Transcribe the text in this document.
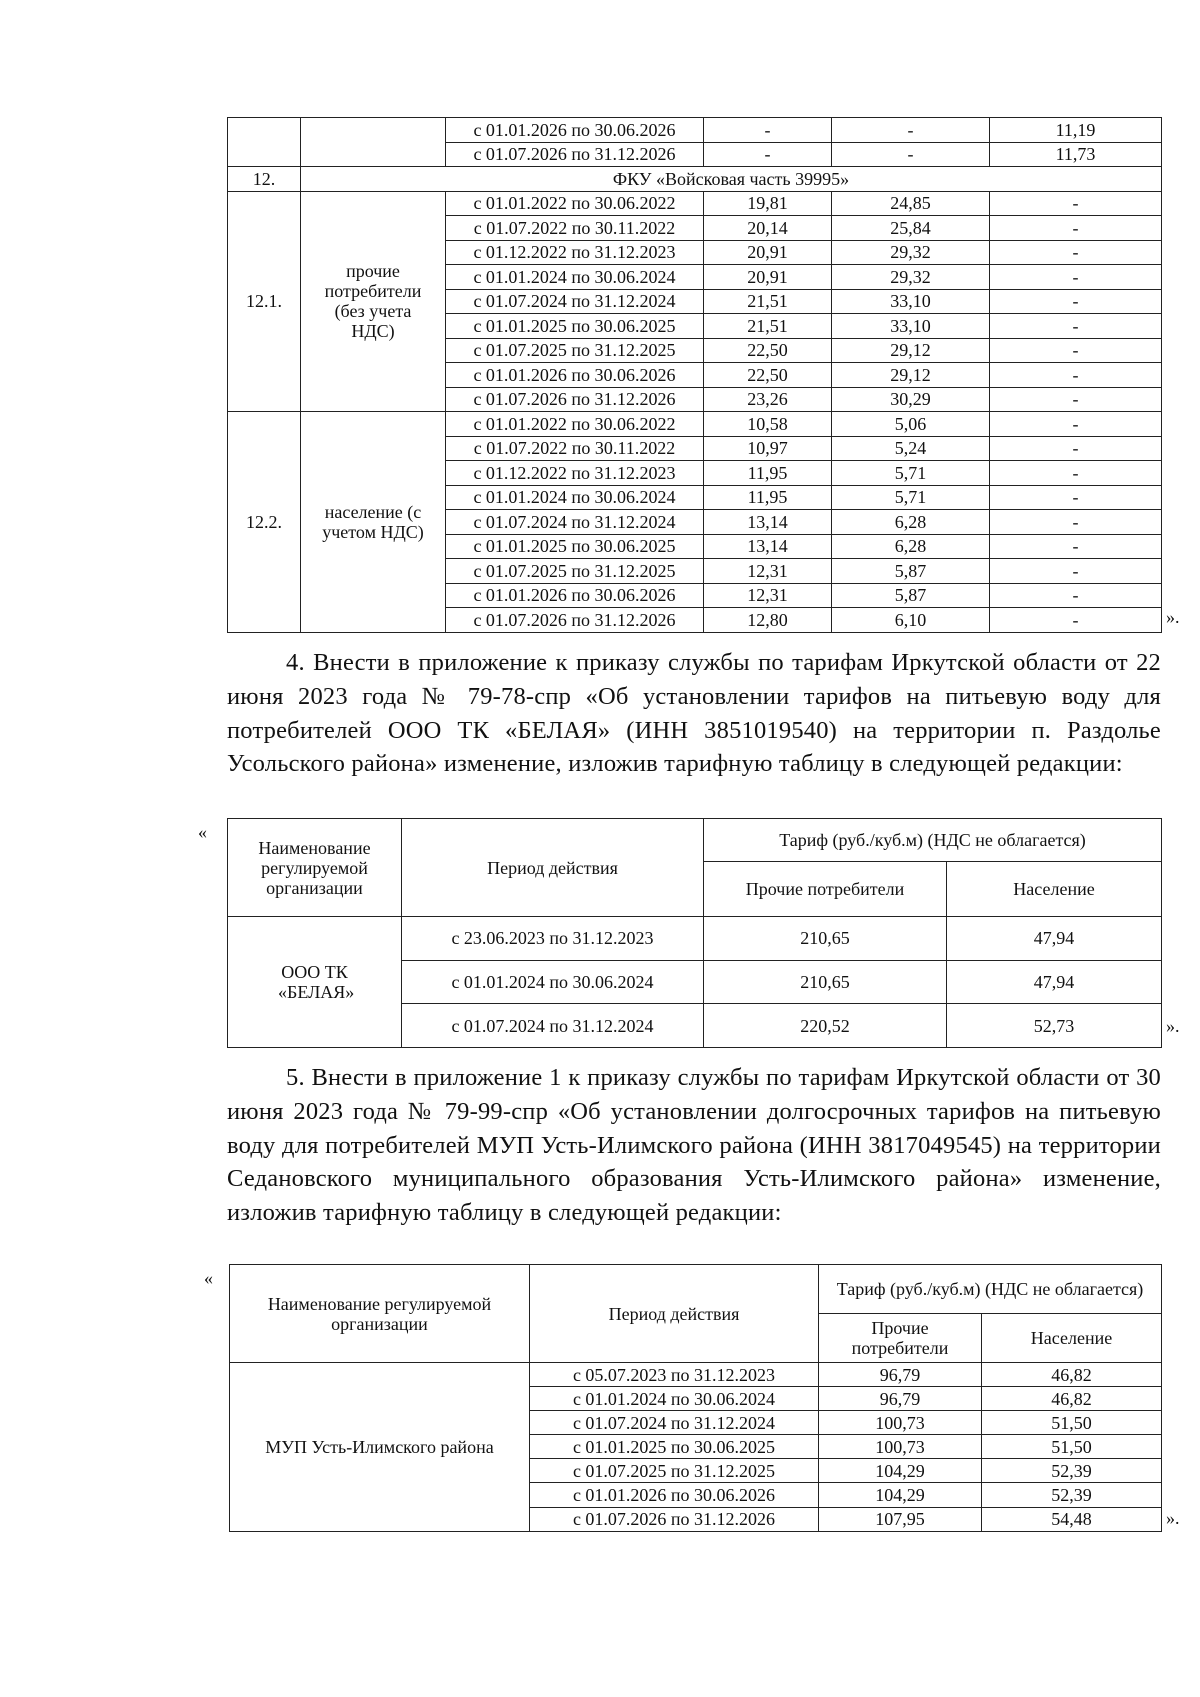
		с 01.01.2026 по 30.06.2026	-	-	11,19
		с 01.07.2026 по 31.12.2026	-	-	11,73
12.	ФКУ «Войсковая часть 39995»				
12.1.	прочие потребители (без учета НДС)	с 01.01.2022 по 30.06.2022	19,81	24,85	-
		с 01.07.2022 по 30.11.2022	20,14	25,84	-
		с 01.12.2022 по 31.12.2023	20,91	29,32	-
		с 01.01.2024 по 30.06.2024	20,91	29,32	-
		с 01.07.2024 по 31.12.2024	21,51	33,10	-
		с 01.01.2025 по 30.06.2025	21,51	33,10	-
		с 01.07.2025 по 31.12.2025	22,50	29,12	-
		с 01.01.2026 по 30.06.2026	22,50	29,12	-
		с 01.07.2026 по 31.12.2026	23,26	30,29	-
12.2.	население (с учетом НДС)	с 01.01.2022 по 30.06.2022	10,58	5,06	-
		с 01.07.2022 по 30.11.2022	10,97	5,24	-
		с 01.12.2022 по 31.12.2023	11,95	5,71	-
		с 01.01.2024 по 30.06.2024	11,95	5,71	-
		с 01.07.2024 по 31.12.2024	13,14	6,28	-
		с 01.01.2025 по 30.06.2025	13,14	6,28	-
		с 01.07.2025 по 31.12.2025	12,31	5,87	-
		с 01.01.2026 по 30.06.2026	12,31	5,87	-
		с 01.07.2026 по 31.12.2026	12,80	6,10	-	».
4. Внести в приложение к приказу службы по тарифам Иркутской области от 22 июня 2023 года № 79-78-спр «Об установлении тарифов на питьевую воду для потребителей ООО ТК «БЕЛАЯ» (ИНН 3851019540) на территории п. Раздолье Усольского района» изменение, изложив тарифную таблицу в следующей редакции:
«
Наименование регулируемой организации	Период действия	Тариф (руб./куб.м) (НДС не облагается)	
		Прочие потребители	Население
ООО ТК «БЕЛАЯ»	с 23.06.2023 по 31.12.2023	210,65	47,94
	с 01.01.2024 по 30.06.2024	210,65	47,94
	с 01.07.2024 по 31.12.2024	220,52	52,73	».
5. Внести в приложение 1 к приказу службы по тарифам Иркутской области от 30 июня 2023 года № 79-99-спр «Об установлении долгосрочных тарифов на питьевую воду для потребителей МУП Усть-Илимского района (ИНН 3817049545) на территории Седановского муниципального образования Усть-Илимского района» изменение, изложив тарифную таблицу в следующей редакции:
«
Наименование регулируемой организации	Период действия	Тариф (руб./куб.м) (НДС не облагается)	
		Прочие потребители	Население
МУП Усть-Илимского района	с 05.07.2023 по 31.12.2023	96,79	46,82
	с 01.01.2024 по 30.06.2024	96,79	46,82
	с 01.07.2024 по 31.12.2024	100,73	51,50
	с 01.01.2025 по 30.06.2025	100,73	51,50
	с 01.07.2025 по 31.12.2025	104,29	52,39
	с 01.01.2026 по 30.06.2026	104,29	52,39
	с 01.07.2026 по 31.12.2026	107,95	54,48	».
